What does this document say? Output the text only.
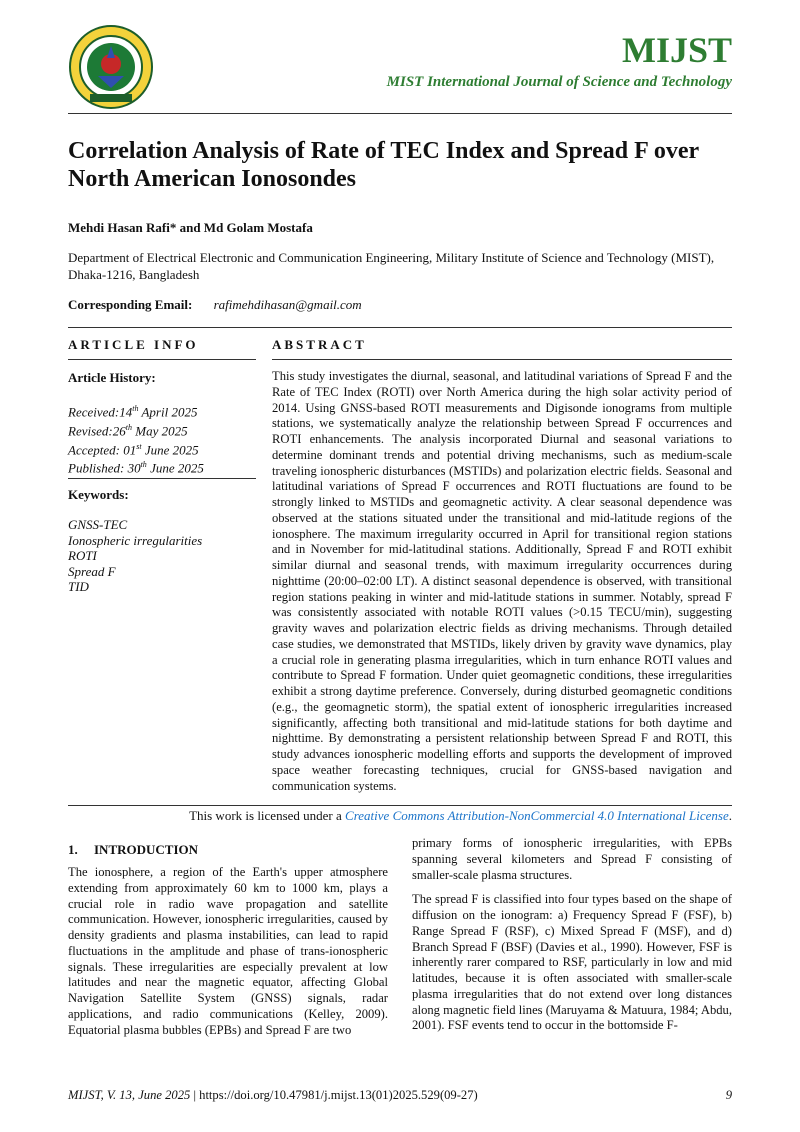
MIJST
MIST International Journal of Science and Technology
Correlation Analysis of Rate of TEC Index and Spread F over North American Ionosondes
Mehdi Hasan Rafi* and Md Golam Mostafa
Department of Electrical Electronic and Communication Engineering, Military Institute of Science and Technology (MIST), Dhaka-1216, Bangladesh
Corresponding Email: rafimehdihasan@gmail.com
ARTICLE INFO
Article History:
Received:14th April 2025
Revised:26th May 2025
Accepted: 01st June 2025
Published: 30th June 2025
Keywords:
GNSS-TEC
Ionospheric irregularities
ROTI
Spread F
TID
ABSTRACT
This study investigates the diurnal, seasonal, and latitudinal variations of Spread F and the Rate of TEC Index (ROTI) over North America during the high solar activity period of 2014. Using GNSS-based ROTI measurements and Digisonde ionograms from multiple stations, we systematically analyze the relationship between Spread F occurrences and ROTI enhancements. The analysis incorporated Diurnal and seasonal variations to determine dominant trends and potential driving mechanisms, such as medium-scale traveling ionospheric disturbances (MSTIDs) and polarization electric fields. Seasonal and latitudinal variations of Spread F occurrences and ROTI fluctuations are found to be strongly linked to MSTIDs and geomagnetic activity. A clear seasonal dependence was observed at the stations situated under the transitional and mid-latitude regions of the ionosphere. The maximum irregularity occurred in April for transitional region stations and in November for mid-latitudinal stations. Additionally, Spread F and ROTI exhibit similar diurnal and seasonal trends, with maximum irregularity occurrences during nighttime (20:00–02:00 LT). A distinct seasonal dependence is observed, with transitional region stations peaking in winter and mid-latitude stations in summer. Notably, spread F was consistently associated with notable ROTI values (>0.15 TECU/min), suggesting gravity waves and polarization electric fields as driving mechanisms. Through detailed case studies, we demonstrated that MSTIDs, likely driven by gravity wave dynamics, play a crucial role in generating plasma irregularities, which in turn enhance ROTI values and contribute to Spread F formation. Under quiet geomagnetic conditions, these irregularities exhibit a strong daytime preference. Conversely, during disturbed geomagnetic conditions (e.g., the geomagnetic storm), the spatial extent of ionospheric irregularities increased significantly, affecting both transitional and mid-latitude stations for both daytime and nighttime. By demonstrating a persistent relationship between Spread F and ROTI, this study advances ionospheric modelling efforts and supports the development of improved space weather forecasting techniques, crucial for GNSS-based navigation and communication systems.
This work is licensed under a Creative Commons Attribution-NonCommercial 4.0 International License.
1.     INTRODUCTION

The ionosphere, a region of the Earth's upper atmosphere extending from approximately 60 km to 1000 km, plays a crucial role in radio wave propagation and satellite communication. However, ionospheric irregularities, caused by density gradients and plasma instabilities, can lead to rapid fluctuations in the amplitude and phase of trans-ionospheric signals. These irregularities are especially prevalent at low latitudes and near the magnetic equator, affecting Global Navigation Satellite System (GNSS) signals, radar applications, and radio communications (Kelley, 2009). Equatorial plasma bubbles (EPBs) and Spread F are two

primary forms of ionospheric irregularities, with EPBs spanning several kilometers and Spread F consisting of smaller-scale plasma structures.

The spread F is classified into four types based on the shape of diffusion on the ionogram: a) Frequency Spread F (FSF), b) Range Spread F (RSF), c) Mixed Spread F (MSF), and d) Branch Spread F (BSF) (Davies et al., 1990). However, FSF is inherently rarer compared to RSF, particularly in low and mid latitudes, because it is often associated with smaller-scale plasma irregularities that do not extend over long distances along magnetic field lines (Maruyama & Matuura, 1984; Abdu, 2001). FSF events tend to occur in the bottomside F-

MIJST, V. 13, June 2025 | https://doi.org/10.47981/j.mijst.13(01)2025.529(09-27)	9
